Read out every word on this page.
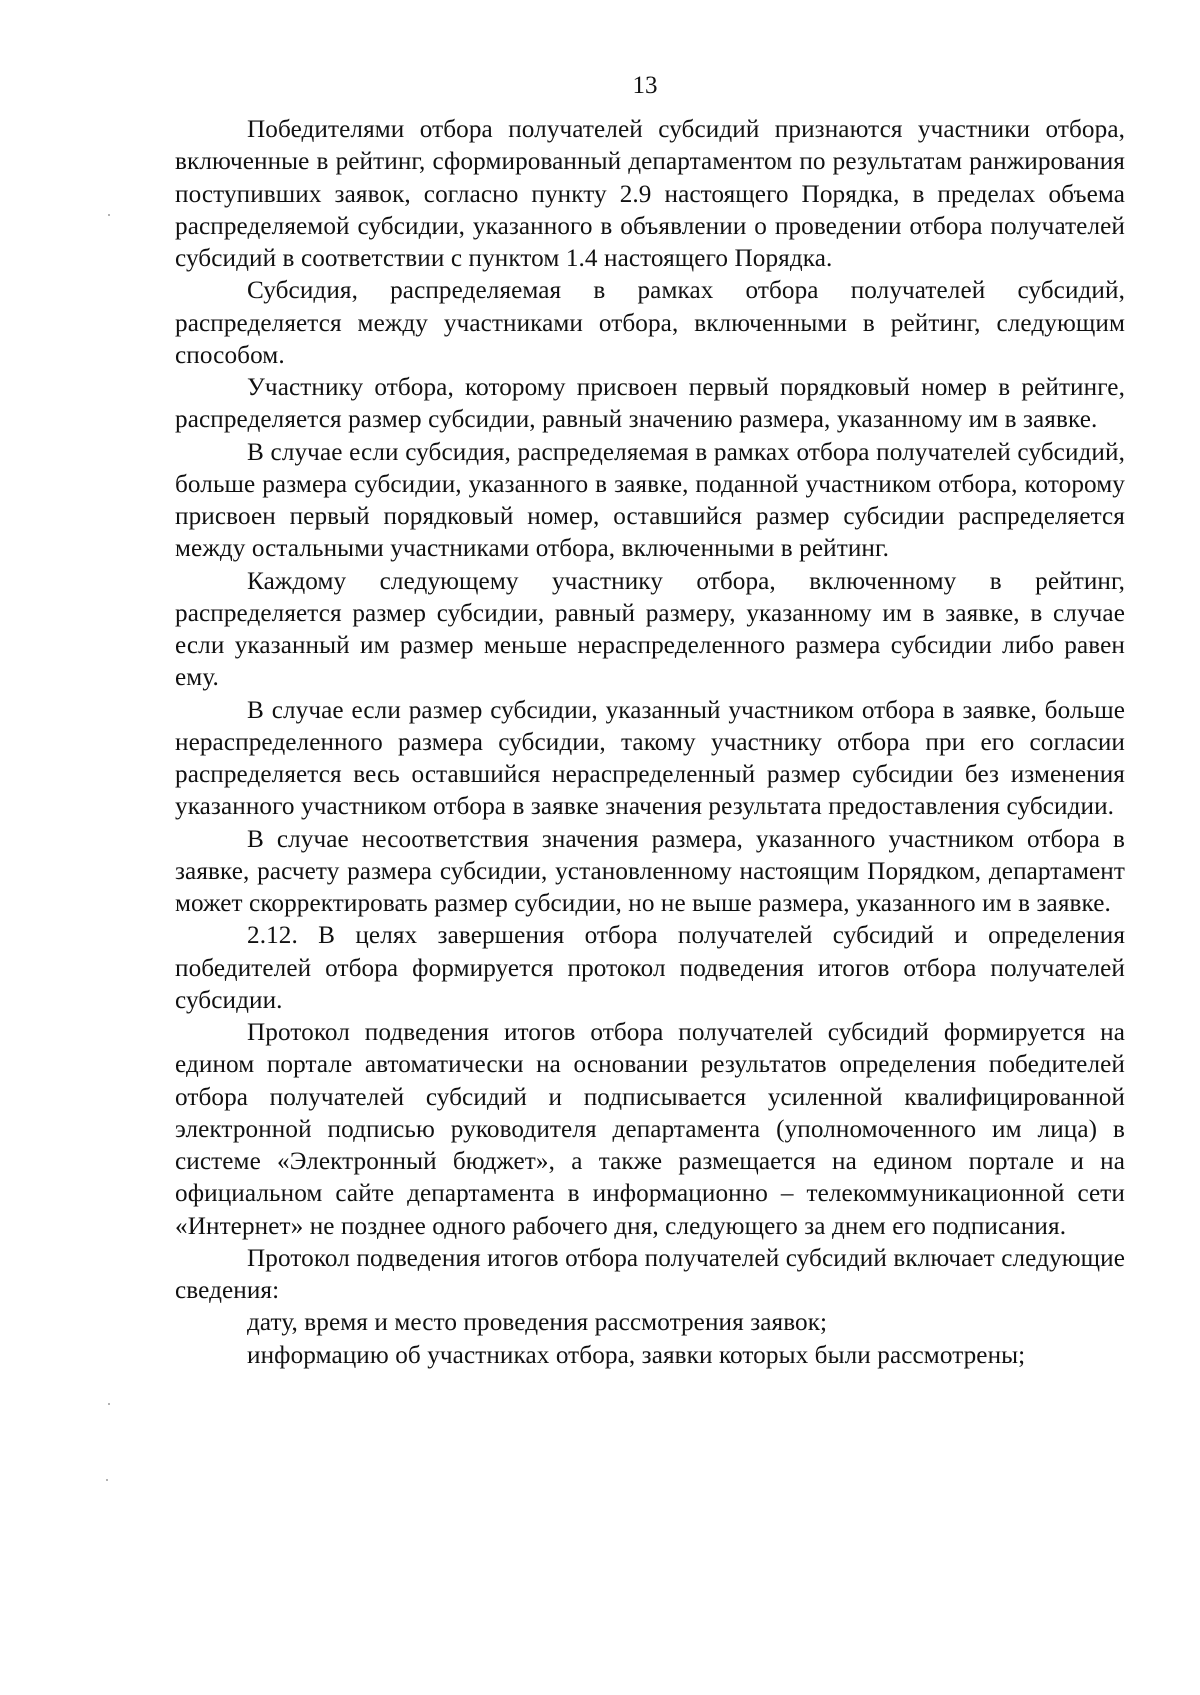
13

Победителями отбора получателей субсидий признаются участники отбора, включенные в рейтинг, сформированный департаментом по результатам ранжирования поступивших заявок, согласно пункту 2.9 настоящего Порядка, в пределах объема распределяемой субсидии, указанного в объявлении о проведении отбора получателей субсидий в соответствии с пунктом 1.4 настоящего Порядка.

Субсидия, распределяемая в рамках отбора получателей субсидий, распределяется между участниками отбора, включенными в рейтинг, следующим способом.

Участнику отбора, которому присвоен первый порядковый номер в рейтинге, распределяется размер субсидии, равный значению размера, указанному им в заявке.

В случае если субсидия, распределяемая в рамках отбора получателей субсидий, больше размера субсидии, указанного в заявке, поданной участником отбора, которому присвоен первый порядковый номер, оставшийся размер субсидии распределяется между остальными участниками отбора, включенными в рейтинг.

Каждому следующему участнику отбора, включенному в рейтинг, распределяется размер субсидии, равный размеру, указанному им в заявке, в случае если указанный им размер меньше нераспределенного размера субсидии либо равен ему.

В случае если размер субсидии, указанный участником отбора в заявке, больше нераспределенного размера субсидии, такому участнику отбора при его согласии распределяется весь оставшийся нераспределенный размер субсидии без изменения указанного участником отбора в заявке значения результата предоставления субсидии.

В случае несоответствия значения размера, указанного участником отбора в заявке, расчету размера субсидии, установленному настоящим Порядком, департамент может скорректировать размер субсидии, но не выше размера, указанного им в заявке.

2.12. В целях завершения отбора получателей субсидий и определения победителей отбора формируется протокол подведения итогов отбора получателей субсидии.

Протокол подведения итогов отбора получателей субсидий формируется на едином портале автоматически на основании результатов определения победителей отбора получателей субсидий и подписывается усиленной квалифицированной электронной подписью руководителя департамента (уполномоченного им лица) в системе «Электронный бюджет», а также размещается на едином портале и на официальном сайте департамента в информационно – телекоммуникационной сети «Интернет» не позднее одного рабочего дня, следующего за днем его подписания.

Протокол подведения итогов отбора получателей субсидий включает следующие сведения:

дату, время и место проведения рассмотрения заявок;

информацию об участниках отбора, заявки которых были рассмотрены;
